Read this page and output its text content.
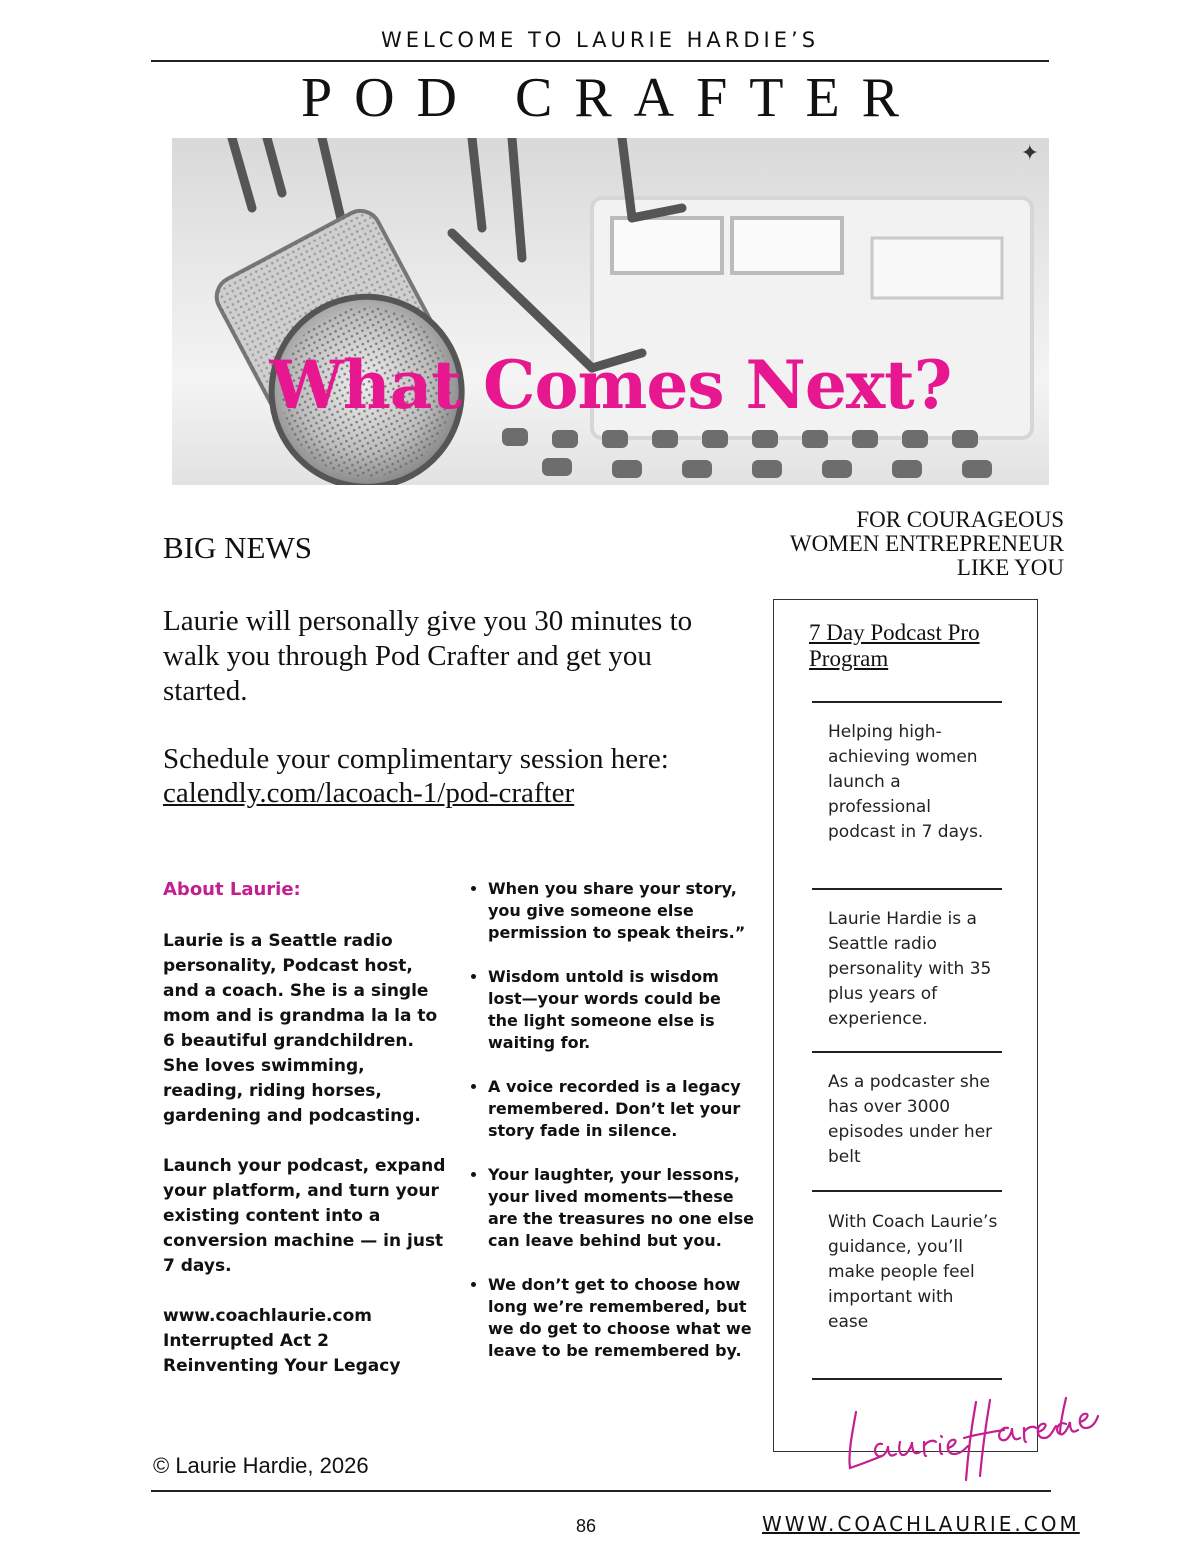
WELCOME TO LAURIE HARDIE’S
POD CRAFTER
✦
What Comes Next?
BIG NEWS
FOR COURAGEOUS
WOMEN ENTREPRENEUR
LIKE YOU
Laurie will personally give you 30 minutes to walk you through Pod Crafter and get you started.
Schedule your complimentary session here:
calendly.com/lacoach-1/pod-crafter
About Laurie:

Laurie is a Seattle radio personality, Podcast host, and a coach. She is a single mom and is grandma la la to 6 beautiful grandchildren. She loves swimming, reading, riding horses, gardening and podcasting.

Launch your podcast, expand your platform, and turn your existing content into a conversion machine — in just 7 days.

www.coachlaurie.com
Interrupted Act 2
Reinventing Your Legacy
• When you share your story, you give someone else permission to speak theirs.”
• Wisdom untold is wisdom lost—your words could be the light someone else is waiting for.
• A voice recorded is a legacy remembered. Don’t let your story fade in silence.
• Your laughter, your lessons, your lived moments—these are the treasures no one else can leave behind but you.
• We don’t get to choose how long we’re remembered, but we do get to choose what we leave to be remembered by.
© Laurie Hardie, 2026
7 Day Podcast Pro Program
Helping high-achieving women launch a professional podcast in 7 days.
Laurie Hardie is a Seattle radio personality with 35 plus years of experience.
As a podcaster she has over 3000 episodes under her belt
With Coach Laurie’s guidance, you’ll make people feel important with ease
86	WWW.COACHLAURIE.COM
